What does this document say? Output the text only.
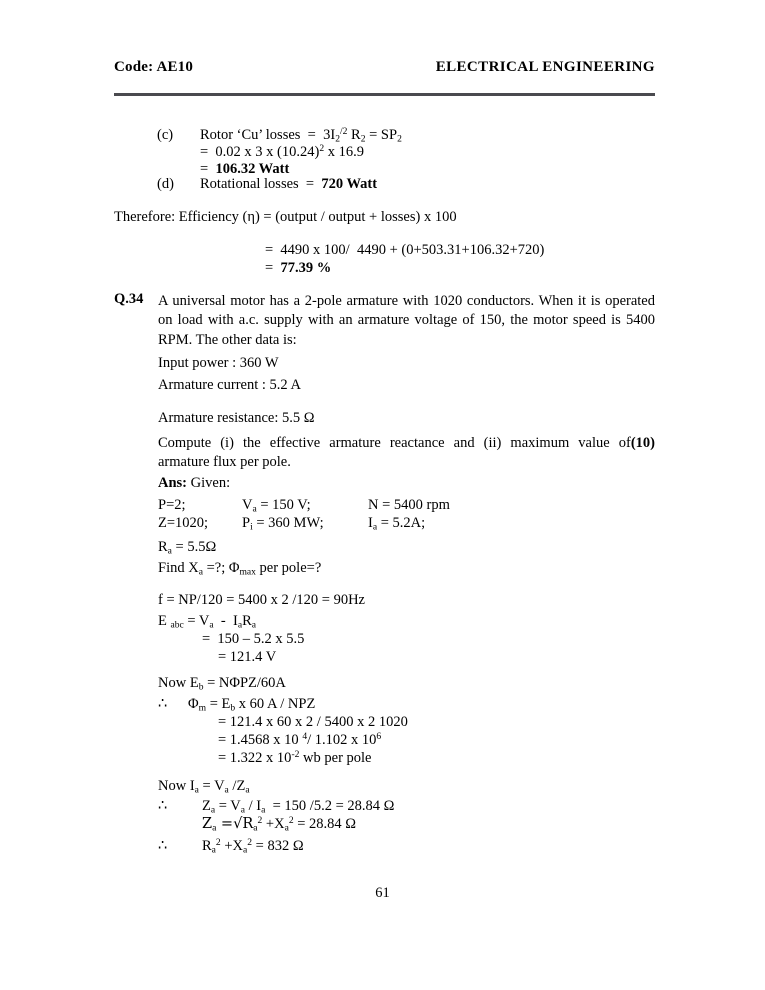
Code: AE10	ELECTRICAL ENGINEERING
(c)	Rotor ‘Cu’ losses  =  $3I_2^{/2}$ $R_2 = SP_2$
=  0.02 x 3 x $(10.24)^2$ x 16.9
=  106.32 Watt
(d)	Rotational losses  =  720 Watt
Therefore: Efficiency (η) = (output / output + losses) x 100
=  4490 x 100/  4490 + (0+503.31+106.32+720)
=  77.39 %
Q.34	A universal motor has a 2-pole armature with 1020 conductors. When it is operated on load with a.c. supply with an armature voltage of 150, the motor speed is 5400 RPM. The other data is:
Input power : 360 W
Armature current : 5.2 A
Armature resistance: 5.5 Ω
(10)
Compute (i) the effective armature reactance and (ii) maximum value of armature flux per pole.
Ans: Given:
P=2;	$V_a = 150$ V;	N = 5400 rpm
Z=1020;	$P_i = 360$ MW;	$I_a = 5.2A$;
$R_a = 5.5\Omega$
Find $X_a$ =?; $\Phi_{max}$ per pole=?
f = NP/120 = 5400 x 2 /120 = 90Hz
E $_{abc} = V_a - I_aR_a$
=  150 – 5.2 x 5.5
= 121.4 V
Now $E_b = N\Phi PZ/60A$
∴ $\Phi_m = E_b$ x 60 A / NPZ
= 121.4 x 60 x 2 / 5400 x 2 1020
= 1.4568 x 10 $^4$/ 1.102 x $10^6$
= 1.322 x $10^{-2}$ wb per pole
Now $I_a = V_a$ $/Z_a$
∴ $Z_a = V_a / I_a = 150$ /5.2 = 28.84 Ω
$Z_a =√R_a^2 +X_a^2 = 28.84$ Ω
∴ $R_a^2 +X_a^2 = 832$ Ω
61
